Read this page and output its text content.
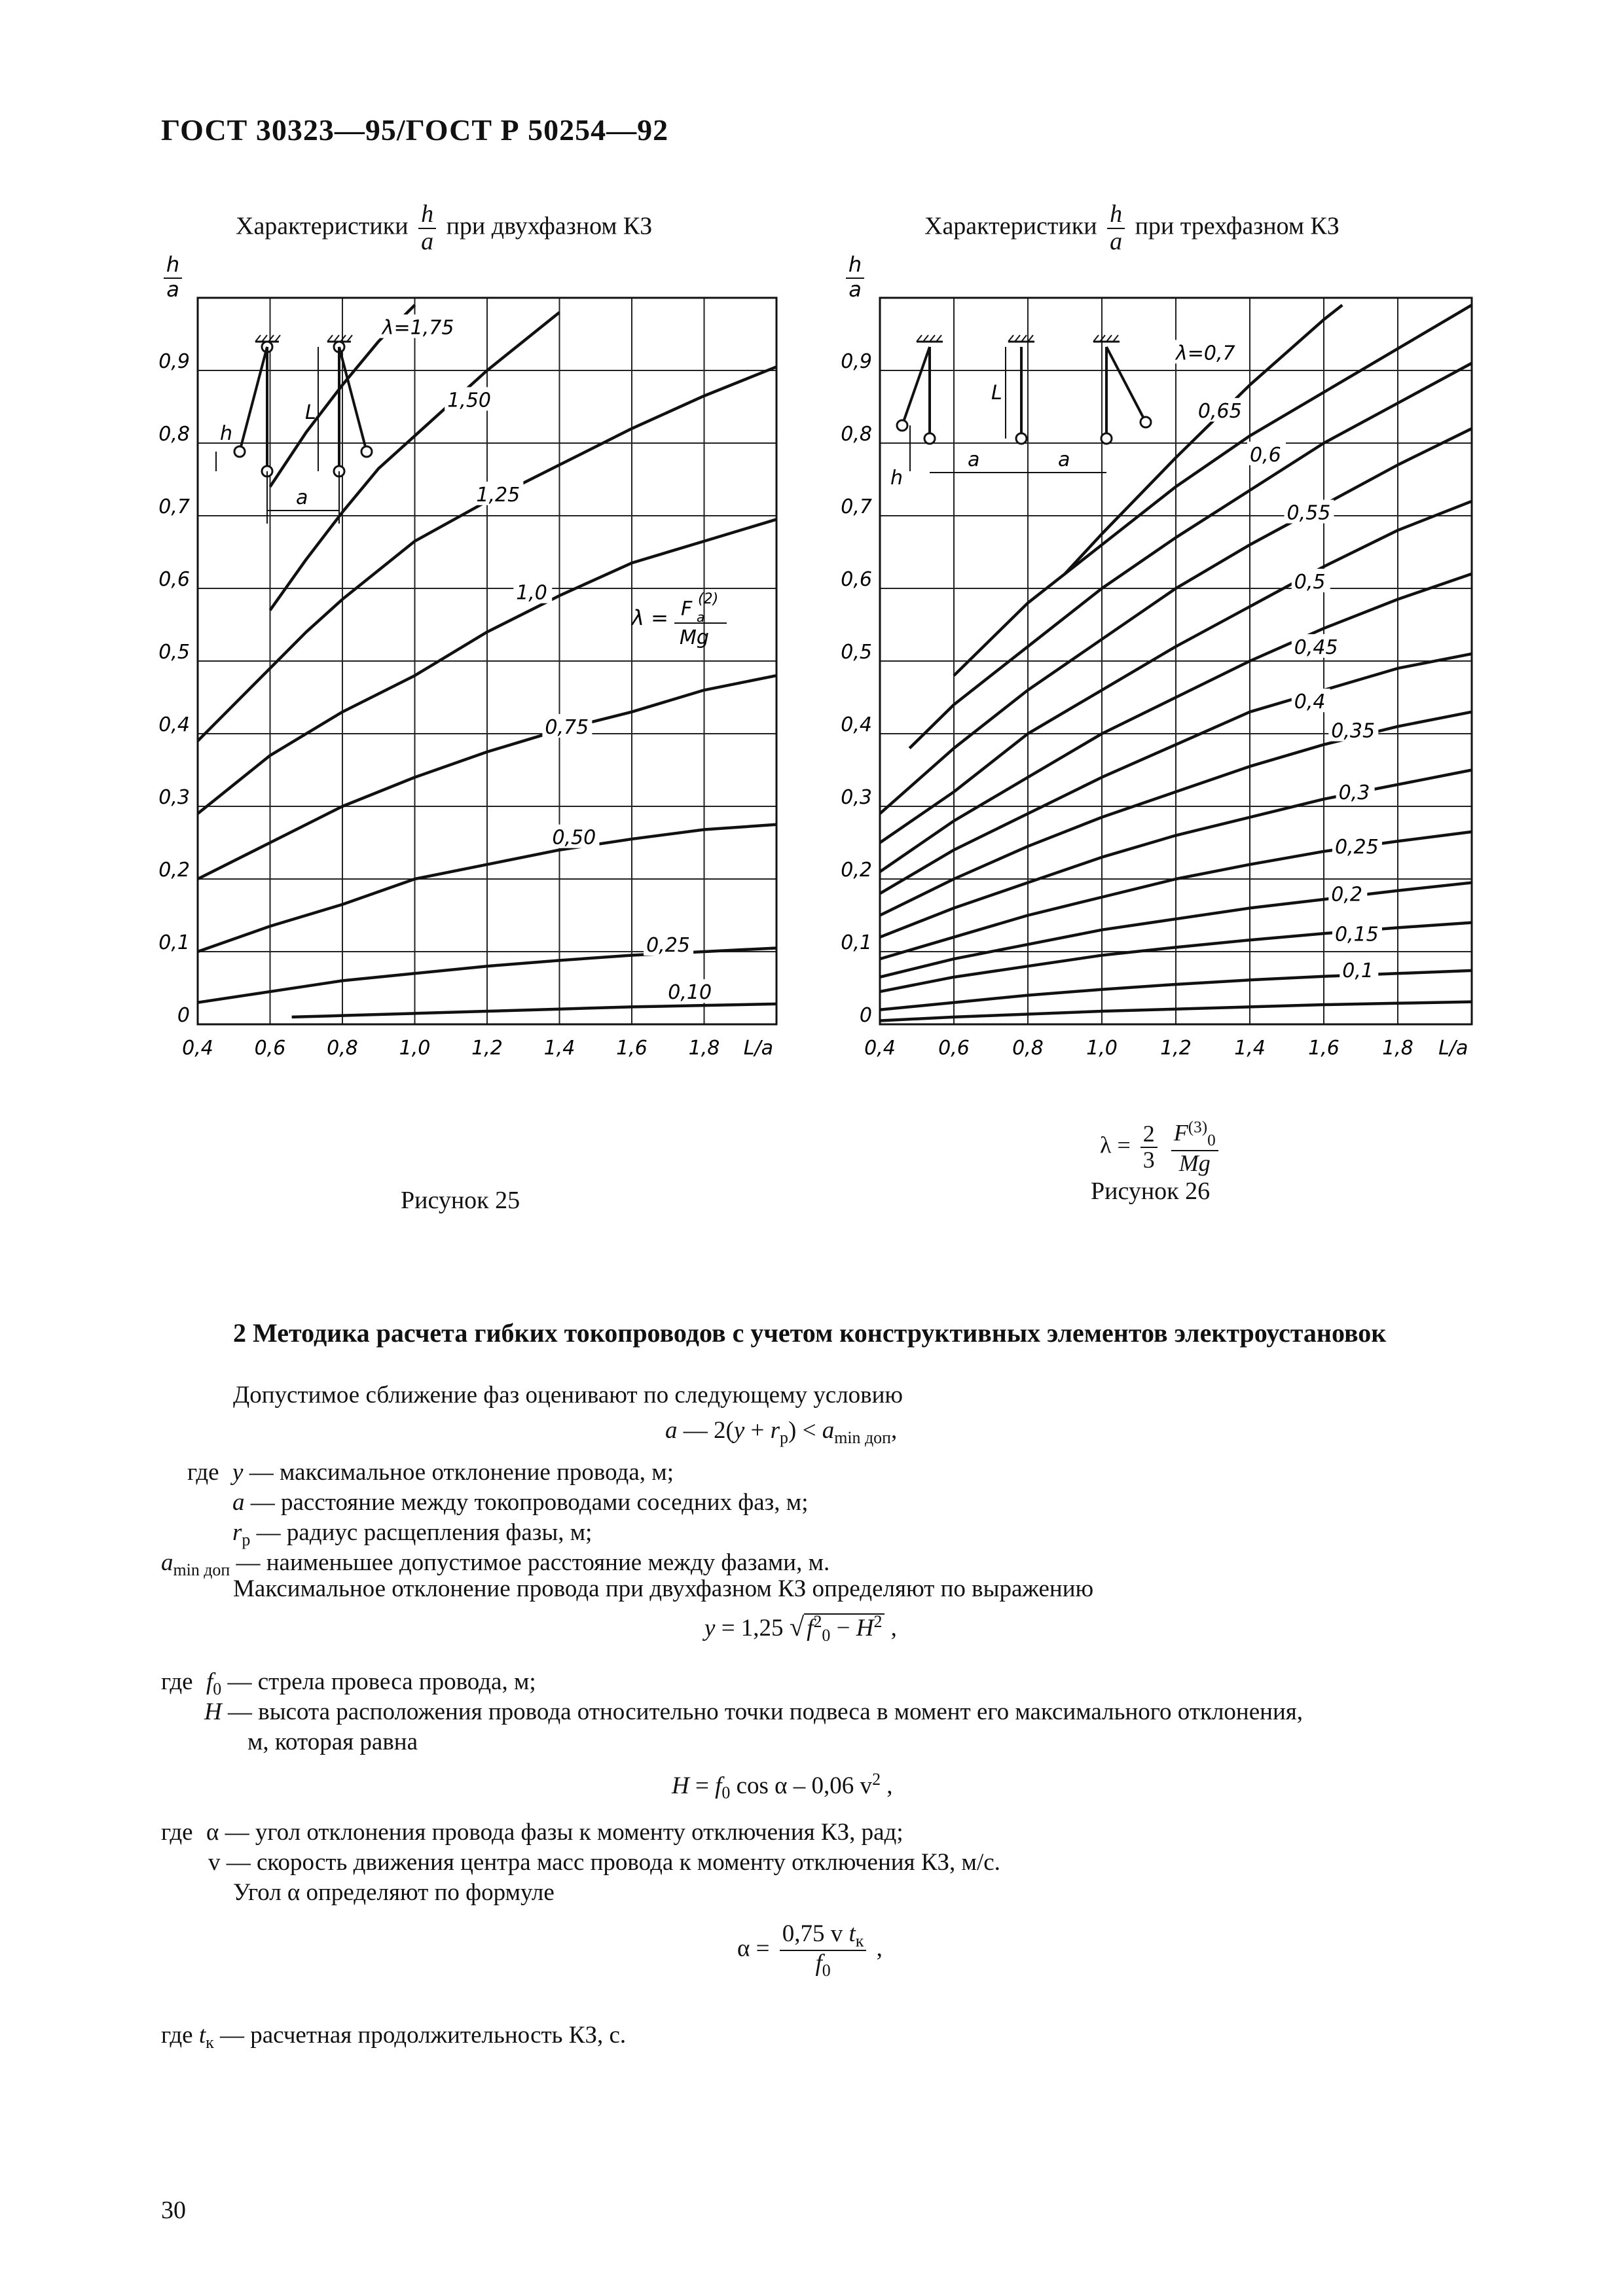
ГОСТ 30323—95/ГОСТ Р 50254—92
Характеристики $\frac{h}{a}$ при двухфазном КЗ	Характеристики $\frac{h}{a}$ при трехфазном КЗ
0
0,1
0,2
0,3
0,4
0,5
0,6
0,7
0,8
0,9
0,4 0,6 0,8 1,0 1,2 1,4 1,6 1,8 L/a
h
a
λ=1,75
1,50
1,25
1,0
0,75
0,50
0,25
0,10
L
h
a
λ = F a
(2)
Mg
0
0,1
0,2
0,3
0,4
0,5
0,6
0,7
0,8
0,9
0,4 0,6 0,8 1,0 1,2 1,4 1,6 1,8 L/a
h
a
λ=0,7
0,65
0,6
0,55
0,5
0,45
0,4
0,35
0,3
0,25
0,2
0,15
0,1
L
h
a	a
$\lambda = \frac{2}{3}$
$\frac{F^{(3)}_0}{Mg}$
Рисунок 25	Рисунок 26
2 Методика расчета гибких токопроводов с учетом конструктивных элементов электроустановок
Допустимое сближение фаз оценивают по следующему условию
a — $2(y + r_р) < a_{min доп}$,
где y — максимальное отклонение провода, м;
a — расстояние между токопроводами соседних фаз, м;
$r_р$ — радиус расщепления фазы, м;
$a_{min доп}$ — наименьшее допустимое расстояние между фазами, м.
Максимальное отклонение провода при двухфазном КЗ определяют по выражению
y = 1,25 √ $f^2_0 - H^2$ ,
где $f_0$ — стрела провеса провода, м;
H — высота расположения провода относительно точки подвеса в момент его максимального отклонения,
м, которая равна
$H = f_0$ cos α – 0,06 $v^2$ ,
где α — угол отклонения провода фазы к моменту отключения КЗ, рад;
v — скорость движения центра масс провода к моменту отключения КЗ, м/с.
Угол α определяют по формуле
$\alpha = \frac{0,75 v t_к}{f_0}$ ,
где $t_к$ — расчетная продолжительность КЗ, с.
30
